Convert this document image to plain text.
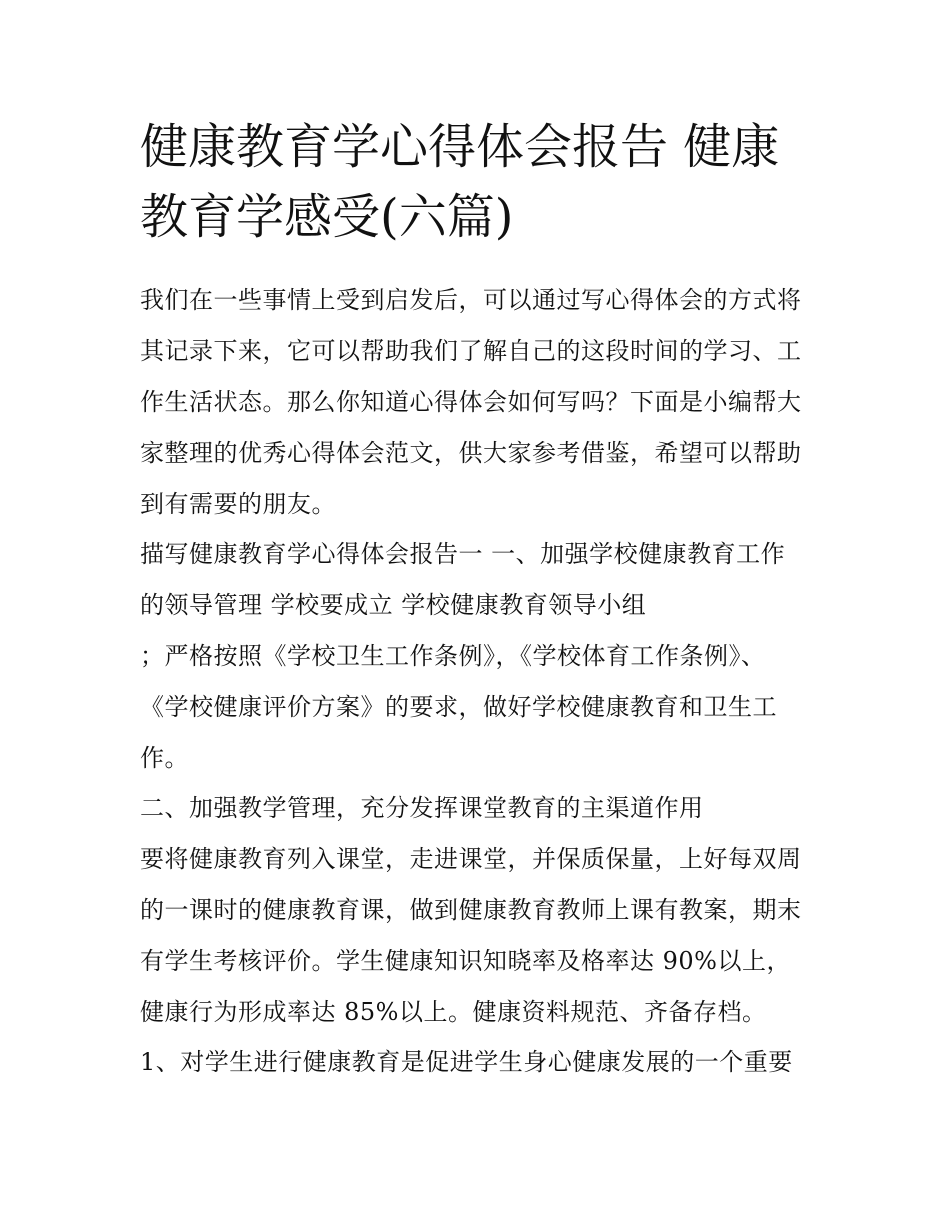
健康教育学心得体会报告 健康
教育学感受(六篇)
我们在一些事情上受到启发后，可以通过写心得体会的方式将
其记录下来，它可以帮助我们了解自己的这段时间的学习、工
作生活状态。那么你知道心得体会如何写吗？下面是小编帮大
家整理的优秀心得体会范文，供大家参考借鉴，希望可以帮助
到有需要的朋友。
描写健康教育学心得体会报告一 一、加强学校健康教育工作
的领导管理 学校要成立 学校健康教育领导小组
；严格按照《学校卫生工作条例》，《学校体育工作条例》、
《学校健康评价方案》的要求，做好学校健康教育和卫生工
作。
二、加强教学管理，充分发挥课堂教育的主渠道作用
要将健康教育列入课堂，走进课堂，并保质保量，上好每双周
的一课时的健康教育课，做到健康教育教师上课有教案，期末
有学生考核评价。学生健康知识知晓率及格率达 90%以上，
健康行为形成率达 85%以上。健康资料规范、齐备存档。
1、对学生进行健康教育是促进学生身心健康发展的一个重要
